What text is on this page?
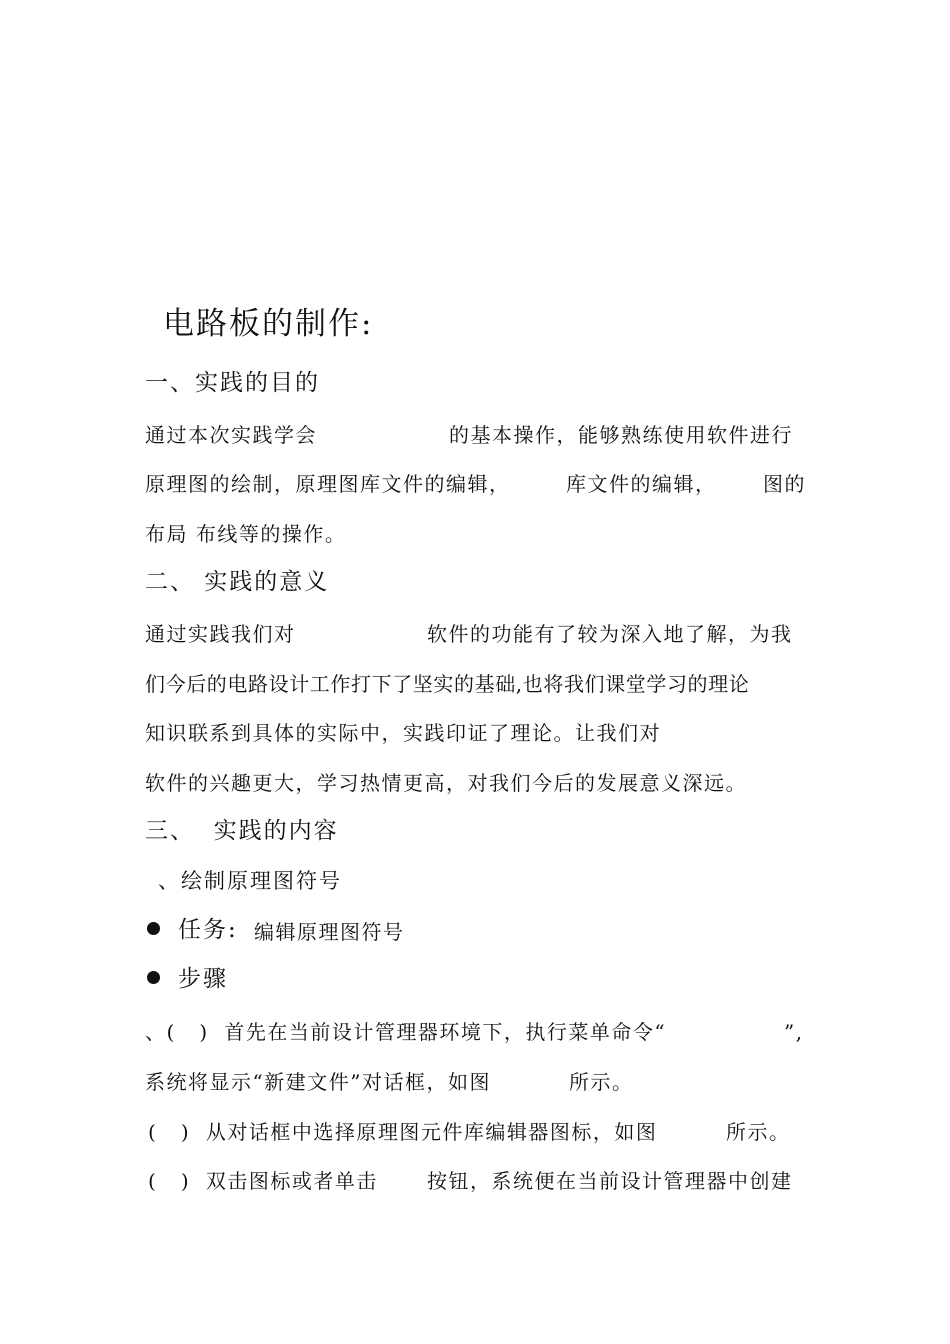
电路板的制作:
一、实践的目的
通过本次实践学会	的基本操作，能够熟练使用软件进行
原理图的绘制，原理图库文件的编辑，	库文件的编辑， 图的
布局 布线等的操作。
二、 实践的意义
通过实践我们对	软件的功能有了较为深入地了解，为我
们今后的电路设计工作打下了坚实的基础,也将我们课堂学习的理论
知识联系到具体的实际中，实践印证了理论。让我们对
软件的兴趣更大，学习热情更高，对我们今后的发展意义深远。
三、  实践的内容
、绘制原理图符号
任务: 编辑原理图符号
步骤
、(   )  首先在当前设计管理器环境下，执行菜单命令“	”,
系统将显示“新建文件”对话框，如图	所示。
(   )  从对话框中选择原理图元件库编辑器图标，如图	所示。
(   )  双击图标或者单击 按钮，系统便在当前设计管理器中创建
